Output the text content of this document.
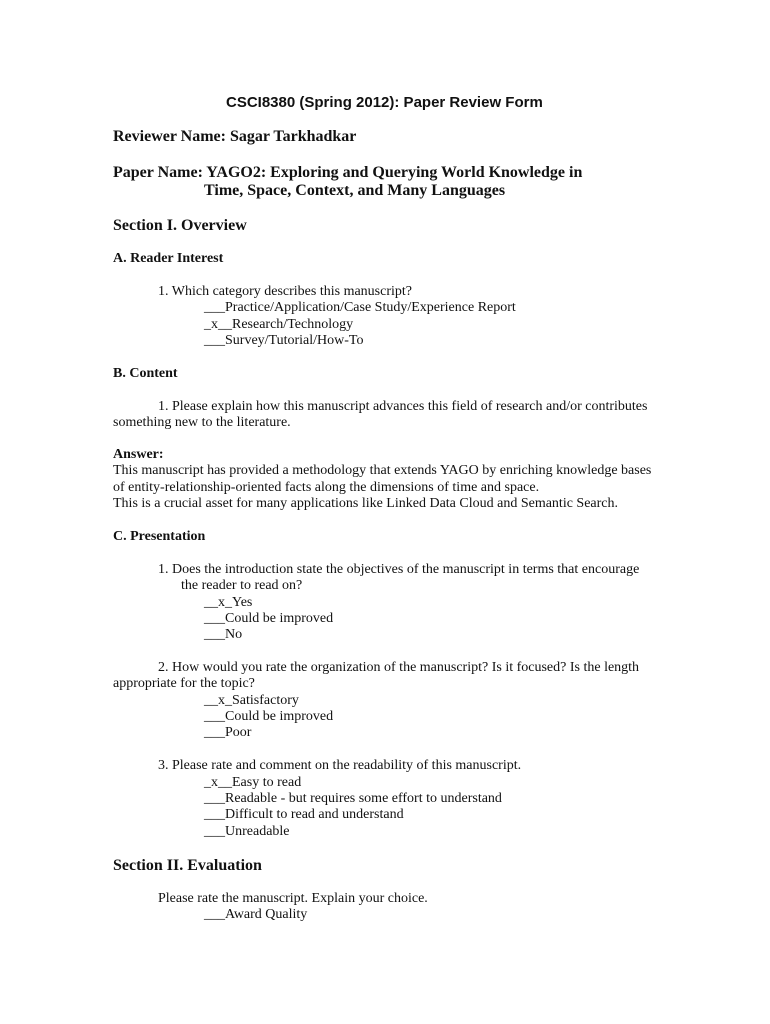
CSCI8380 (Spring 2012): Paper Review Form
Reviewer Name: Sagar Tarkhadkar
Paper Name: YAGO2: Exploring and Querying World Knowledge in
Time, Space, Context, and Many Languages
Section I. Overview
A. Reader Interest
1. Which category describes this manuscript?
___Practice/Application/Case Study/Experience Report
_x__Research/Technology
___Survey/Tutorial/How-To
B. Content
1. Please explain how this manuscript advances this field of research and/or contributes
something new to the literature.
Answer:
This manuscript has provided a methodology that extends YAGO by enriching knowledge bases
of entity-relationship-oriented facts along the dimensions of time and space.
This is a crucial asset for many applications like Linked Data Cloud and Semantic Search.
C. Presentation
1. Does the introduction state the objectives of the manuscript in terms that encourage
the reader to read on?
__x_Yes
___Could be improved
___No
2. How would you rate the organization of the manuscript? Is it focused? Is the length
appropriate for the topic?
__x_Satisfactory
___Could be improved
___Poor
3. Please rate and comment on the readability of this manuscript.
_x__Easy to read
___Readable - but requires some effort to understand
___Difficult to read and understand
___Unreadable
Section II. Evaluation
Please rate the manuscript. Explain your choice.
___Award Quality
